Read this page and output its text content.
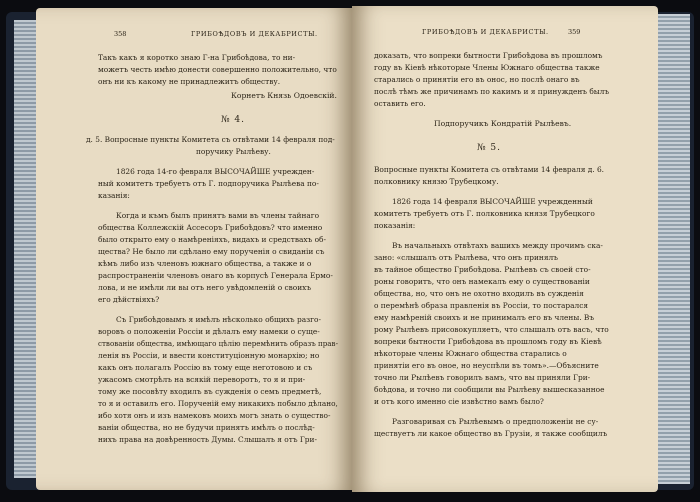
358	ГРИБОѢДОВЪ И ДЕКАБРИСТЫ.
Такъ какъ я коротко знаю Г-на Грибоѣдова, то ни-
можетъ честь имѣю донести совершенно положительно, что
онъ ни къ какому не принадлежитъ обществу.
Корнетъ Князь Одоевскій.
№ 4.
д. 5. Вопросные пункты Комитета съ отвѣтами 14 февраля под-
поручику Рылѣеву.
1826 года 14-го февраля ВЫСОЧАЙШЕ учрежден-
ный комитетъ требуетъ отъ Г. подпоручика Рылѣева по-
казанія:
Когда и къмъ былъ принятъ вами въ члены тайнаго
общества Коллежскій Ассесоръ Грибоѣдовъ? что именно
было открыто ему о намѣреніяхъ, видахъ и средствахъ об-
щества? Не было ли сдѣлано ему порученія о свиданіи съ
кѣмъ либо изъ членовъ южнаго общества, а также и о
распространеніи членовъ онаго въ корпусѣ Генерала Ермо-
лова, и не имѣли ли вы отъ него увѣдомленій о своихъ
его дѣйствіяхъ?
Съ Грибоѣдовымъ я имѣлъ нѣсколько общихъ разго-
воровъ о положеніи Россіи и дѣлалъ ему намеки о суще-
ствованіи общества, имѣющаго цѣлію перемѣнить образъ прав-
ленія въ Россіи, и ввести конституціонную монархію; но
какъ онъ полагалъ Россію въ тому еще неготовою и съ
ужасомъ смотрѣлъ на всякій переворотъ, то я и при-
тому же посовѣту входилъ въ сужденія о семъ предметѣ,
то я и оставилъ его. Порученій ему никакихъ побыло дѣлано,
ибо хотя онъ и изъ намековъ моихъ могъ знать о существо-
ваніи общества, но не будучи принятъ имѣлъ о послѣд-
нихъ права на довѣренность Думы. Слышалъ я отъ Гри-
ГРИБОѢДОВЪ И ДЕКАБРИСТЫ.	359
доказать, что вопреки бытности Грибоѣдова въ прошломъ
году въ Кіевѣ нѣкоторые Члены Южнаго общества также
старались о принятіи его въ онос, но послѣ онаго въ
послѣ тѣмъ же причинамъ по какимъ и я принужденъ былъ
оставить его.
Подпоручикъ Кондратій Рылѣевъ.
№ 5.
Вопросные пункты Комитета съ отвѣтами 14 февраля д. 6.
полковнику князю Трубецкому.
1826 года 14 февраля ВЫСОЧАЙШЕ учрежденный
комитетъ требуетъ отъ Г. полковника князя Трубецкого
показанія:
Въ начальныхъ отвѣтахъ вашихъ между прочимъ ска-
зано: «слышалъ отъ Рылѣева, что онъ принялъ
въ тайное общество Грибоѣдова. Рылѣевъ съ своей сто-
роны говоритъ, что онъ намекалъ ему о существованіи
общества, но, что онъ не охотно входилъ въ сужденія
о перемѣнѣ образа правленія въ Россіи, то постарался
ему намѣреній своихъ и не принималъ его въ члены. Въ
рому Рылѣевъ присовокупляетъ, что слышалъ отъ васъ, что
вопреки бытности Грибоѣдова въ прошломъ году въ Кіевѣ
нѣкоторые члены Южнаго общества старались о
принятіи его въ оное, но неуспѣли въ томъ».—Объясните
точно ли Рылѣевъ говорилъ вамъ, что вы приняли Гри-
боѣдова, и точно ли сообщили вы Рылѣеву вышесказанное
и отъ кого именно сіе извѣстно вамъ было?
Разговаривая съ Рылѣевымъ о предположеніи не су-
ществуетъ ли какое общество въ Грузіи, я также сообщилъ
